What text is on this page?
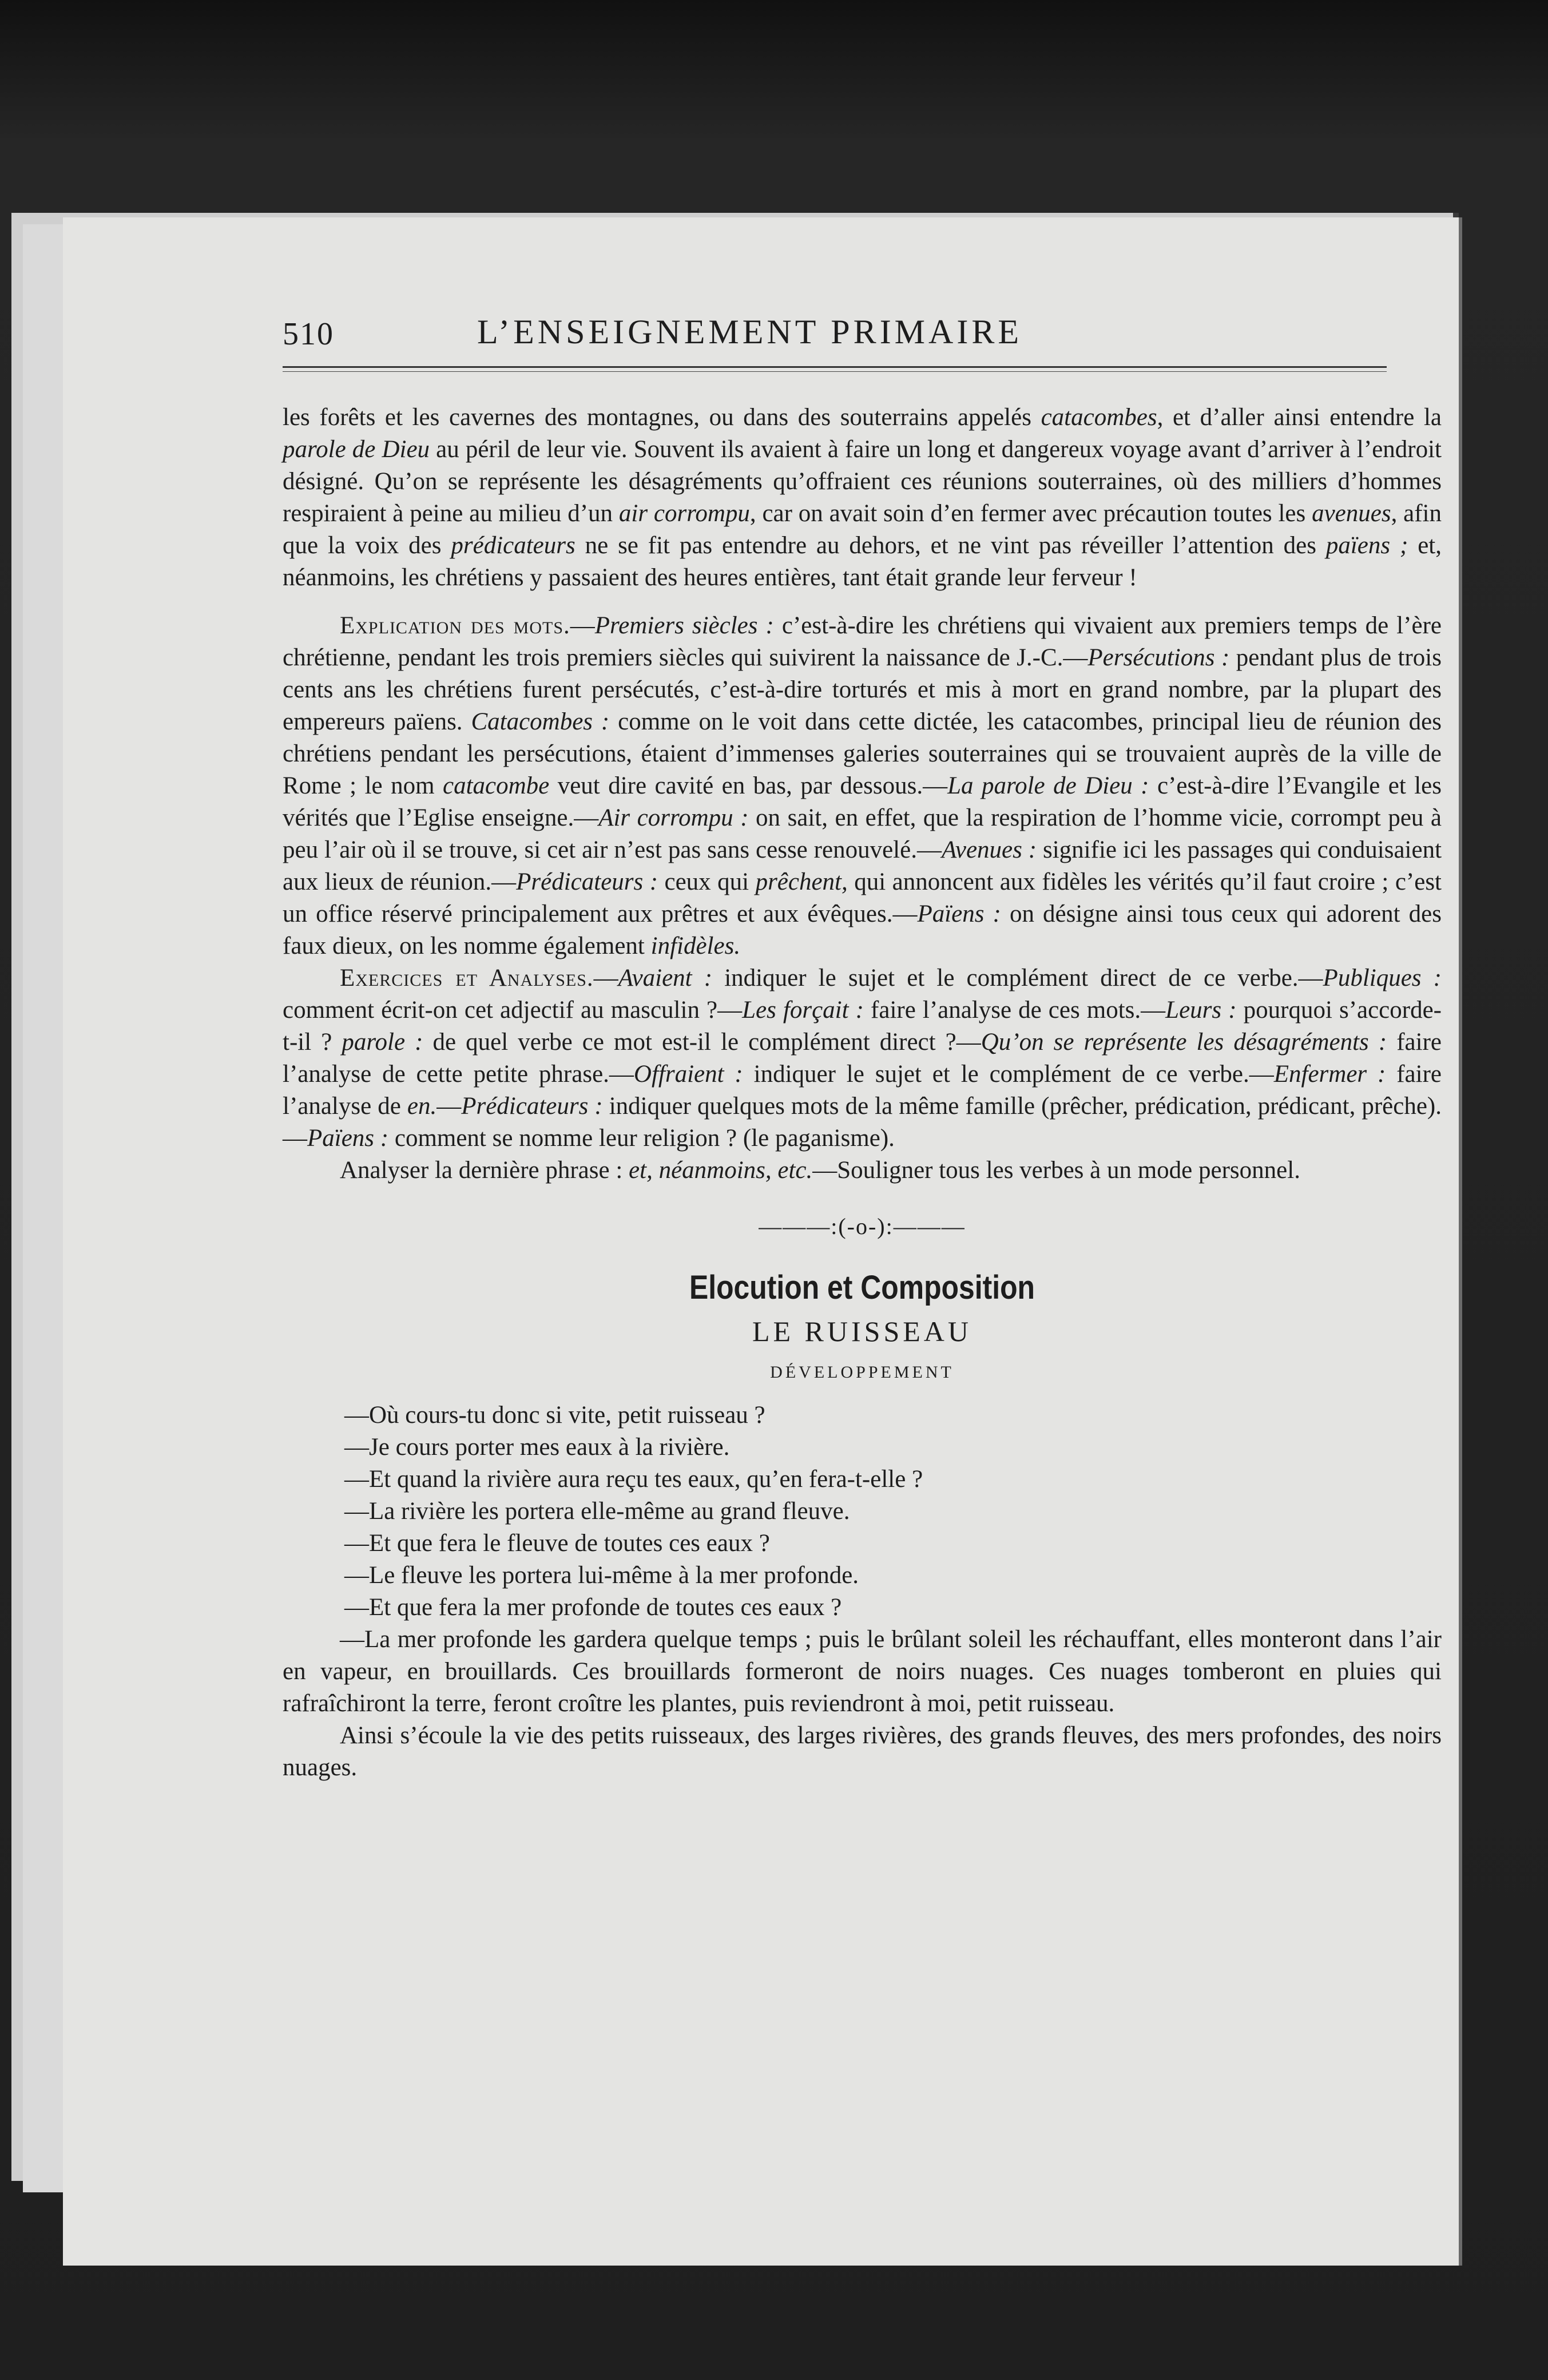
510	L’ENSEIGNEMENT PRIMAIRE

les forêts et les cavernes des montagnes, ou dans des souterrains appelés catacombes, et d’aller ainsi entendre la parole de Dieu au péril de leur vie. Souvent ils avaient à faire un long et dangereux voyage avant d’arriver à l’endroit désigné. Qu’on se représente les désagréments qu’offraient ces réunions souterraines, où des milliers d’hommes respiraient à peine au milieu d’un air corrompu, car on avait soin d’en fermer avec précaution toutes les avenues, afin que la voix des prédicateurs ne se fit pas entendre au dehors, et ne vint pas réveiller l’attention des païens ; et, néanmoins, les chrétiens y passaient des heures entières, tant était grande leur ferveur !

Explication des mots.—Premiers siècles : c’est-à-dire les chrétiens qui vivaient aux premiers temps de l’ère chrétienne, pendant les trois premiers siècles qui suivirent la naissance de J.-C.—Persécutions : pendant plus de trois cents ans les chrétiens furent persécutés, c’est-à-dire torturés et mis à mort en grand nombre, par la plupart des empereurs païens. Catacombes : comme on le voit dans cette dictée, les catacombes, principal lieu de réunion des chrétiens pendant les persécutions, étaient d’immenses galeries souterraines qui se trouvaient auprès de la ville de Rome ; le nom catacombe veut dire cavité en bas, par dessous.—La parole de Dieu : c’est-à-dire l’Evangile et les vérités que l’Eglise enseigne.—Air corrompu : on sait, en effet, que la respiration de l’homme vicie, corrompt peu à peu l’air où il se trouve, si cet air n’est pas sans cesse renouvelé.—Avenues : signifie ici les passages qui conduisaient aux lieux de réunion.—Prédicateurs : ceux qui prêchent, qui annoncent aux fidèles les vérités qu’il faut croire ; c’est un office réservé principalement aux prêtres et aux évêques.—Païens : on désigne ainsi tous ceux qui adorent des faux dieux, on les nomme également infidèles.

Exercices et Analyses.—Avaient : indiquer le sujet et le complément direct de ce verbe.—Publiques : comment écrit-on cet adjectif au masculin ?—Les forçait : faire l’analyse de ces mots.—Leurs : pourquoi s’accorde-t-il ? parole : de quel verbe ce mot est-il le complément direct ?—Qu’on se représente les désagréments : faire l’analyse de cette petite phrase.—Offraient : indiquer le sujet et le complément de ce verbe.—Enfermer : faire l’analyse de en.—Prédicateurs : indiquer quelques mots de la même famille (prêcher, prédication, prédicant, prêche).—Païens : comment se nomme leur religion ? (le paganisme).

Analyser la dernière phrase : et, néanmoins, etc.—Souligner tous les verbes à un mode personnel.

———:(-o-):———
Elocution et Composition
LE RUISSEAU
DÉVELOPPEMENT
—Où cours-tu donc si vite, petit ruisseau ?
—Je cours porter mes eaux à la rivière.
—Et quand la rivière aura reçu tes eaux, qu’en fera-t-elle ?
—La rivière les portera elle-même au grand fleuve.
—Et que fera le fleuve de toutes ces eaux ?
—Le fleuve les portera lui-même à la mer profonde.
—Et que fera la mer profonde de toutes ces eaux ?

—La mer profonde les gardera quelque temps ; puis le brûlant soleil les réchauffant, elles monteront dans l’air en vapeur, en brouillards. Ces brouillards formeront de noirs nuages. Ces nuages tomberont en pluies qui rafraîchiront la terre, feront croître les plantes, puis reviendront à moi, petit ruisseau.

Ainsi s’écoule la vie des petits ruisseaux, des larges rivières, des grands fleuves, des mers profondes, des noirs nuages.
